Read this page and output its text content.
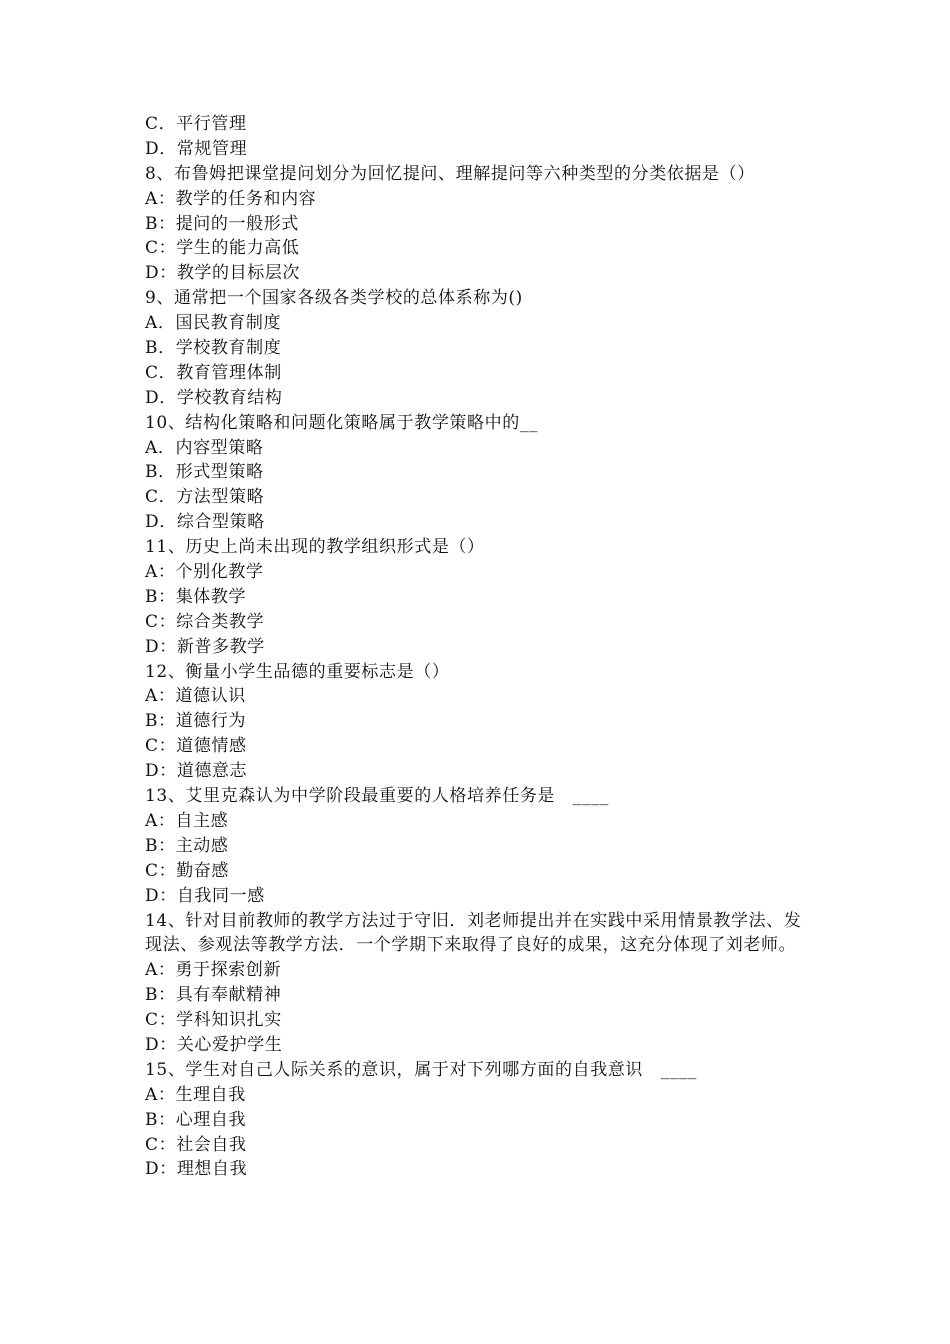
C．平行管理
D．常规管理
8、布鲁姆把课堂提问划分为回忆提问、理解提问等六种类型的分类依据是（）
A：教学的任务和内容
B：提问的一般形式
C：学生的能力高低
D：教学的目标层次
9、通常把一个国家各级各类学校的总体系称为()
A．国民教育制度
B．学校教育制度
C．教育管理体制
D．学校教育结构
10、结构化策略和问题化策略属于教学策略中的__
A．内容型策略
B．形式型策略
C．方法型策略
D．综合型策略
11、历史上尚未出现的教学组织形式是（）
A：个别化教学
B：集体教学
C：综合类教学
D：新普多教学
12、衡量小学生品德的重要标志是（）
A：道德认识
B：道德行为
C：道德情感
D：道德意志
13、艾里克森认为中学阶段最重要的人格培养任务是　____
A：自主感
B：主动感
C：勤奋感
D：自我同一感
14、针对目前教师的教学方法过于守旧．刘老师提出并在实践中采用情景教学法、发现法、参观法等教学方法．一个学期下来取得了良好的成果，这充分体现了刘老师。
A：勇于探索创新
B：具有奉献精神
C：学科知识扎实
D：关心爱护学生
15、学生对自己人际关系的意识，属于对下列哪方面的自我意识　____
A：生理自我
B：心理自我
C：社会自我
D：理想自我
